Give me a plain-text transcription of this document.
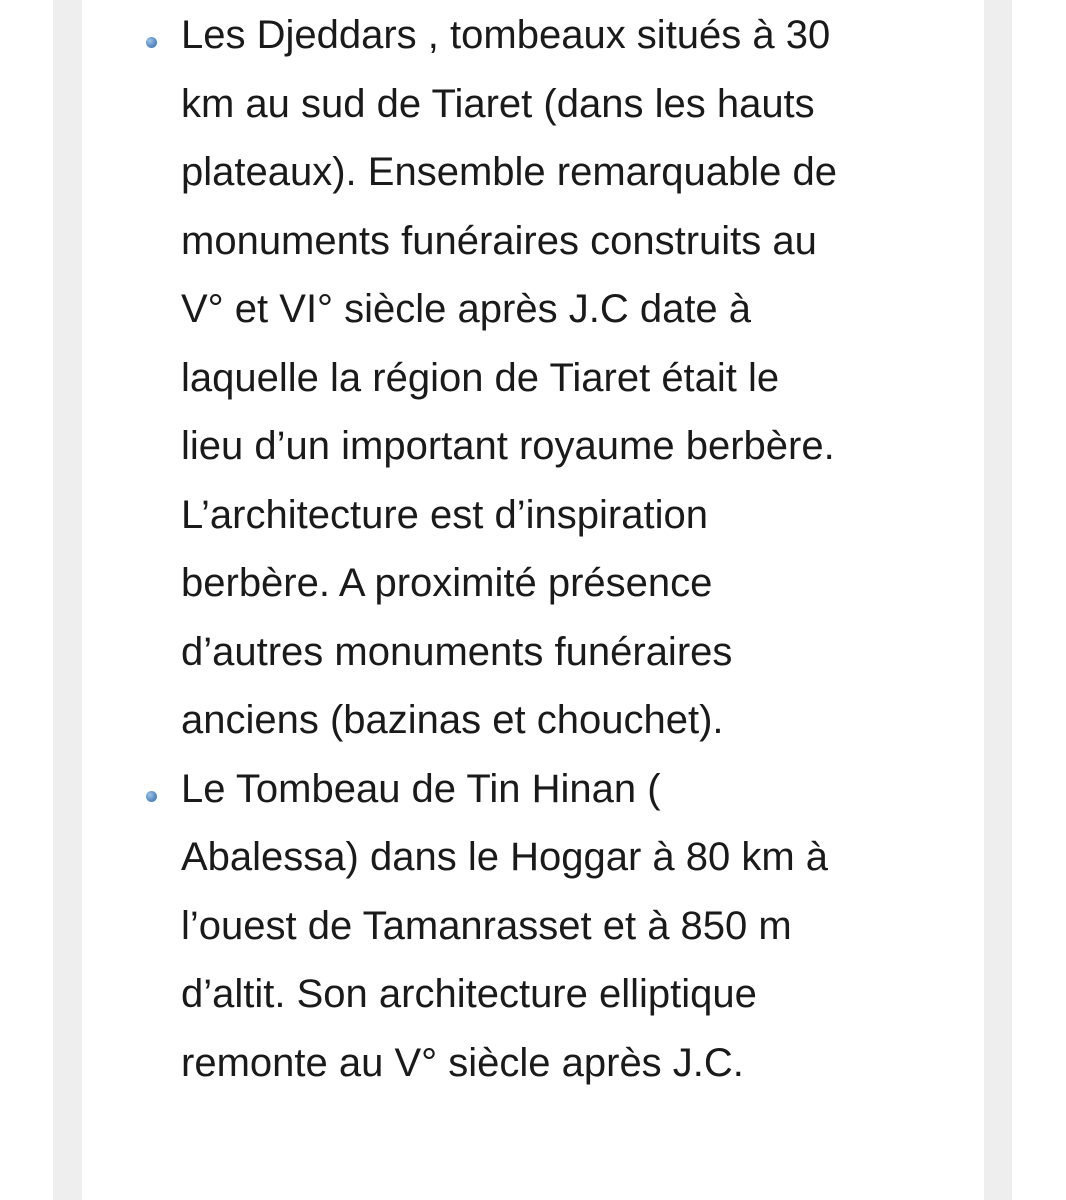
Les Djeddars , tombeaux situés à 30
km au sud de Tiaret (dans les hauts
plateaux). Ensemble remarquable de
monuments funéraires construits au
V° et VI° siècle après J.C date à
laquelle la région de Tiaret était le
lieu d’un important royaume berbère.
L’architecture est d’inspiration
berbère. A proximité présence
d’autres monuments funéraires
anciens (bazinas et chouchet).
Le Tombeau de Tin Hinan (
Abalessa) dans le Hoggar à 80 km à
l’ouest de Tamanrasset et à 850 m
d’altit. Son architecture elliptique
remonte au V° siècle après J.C.
